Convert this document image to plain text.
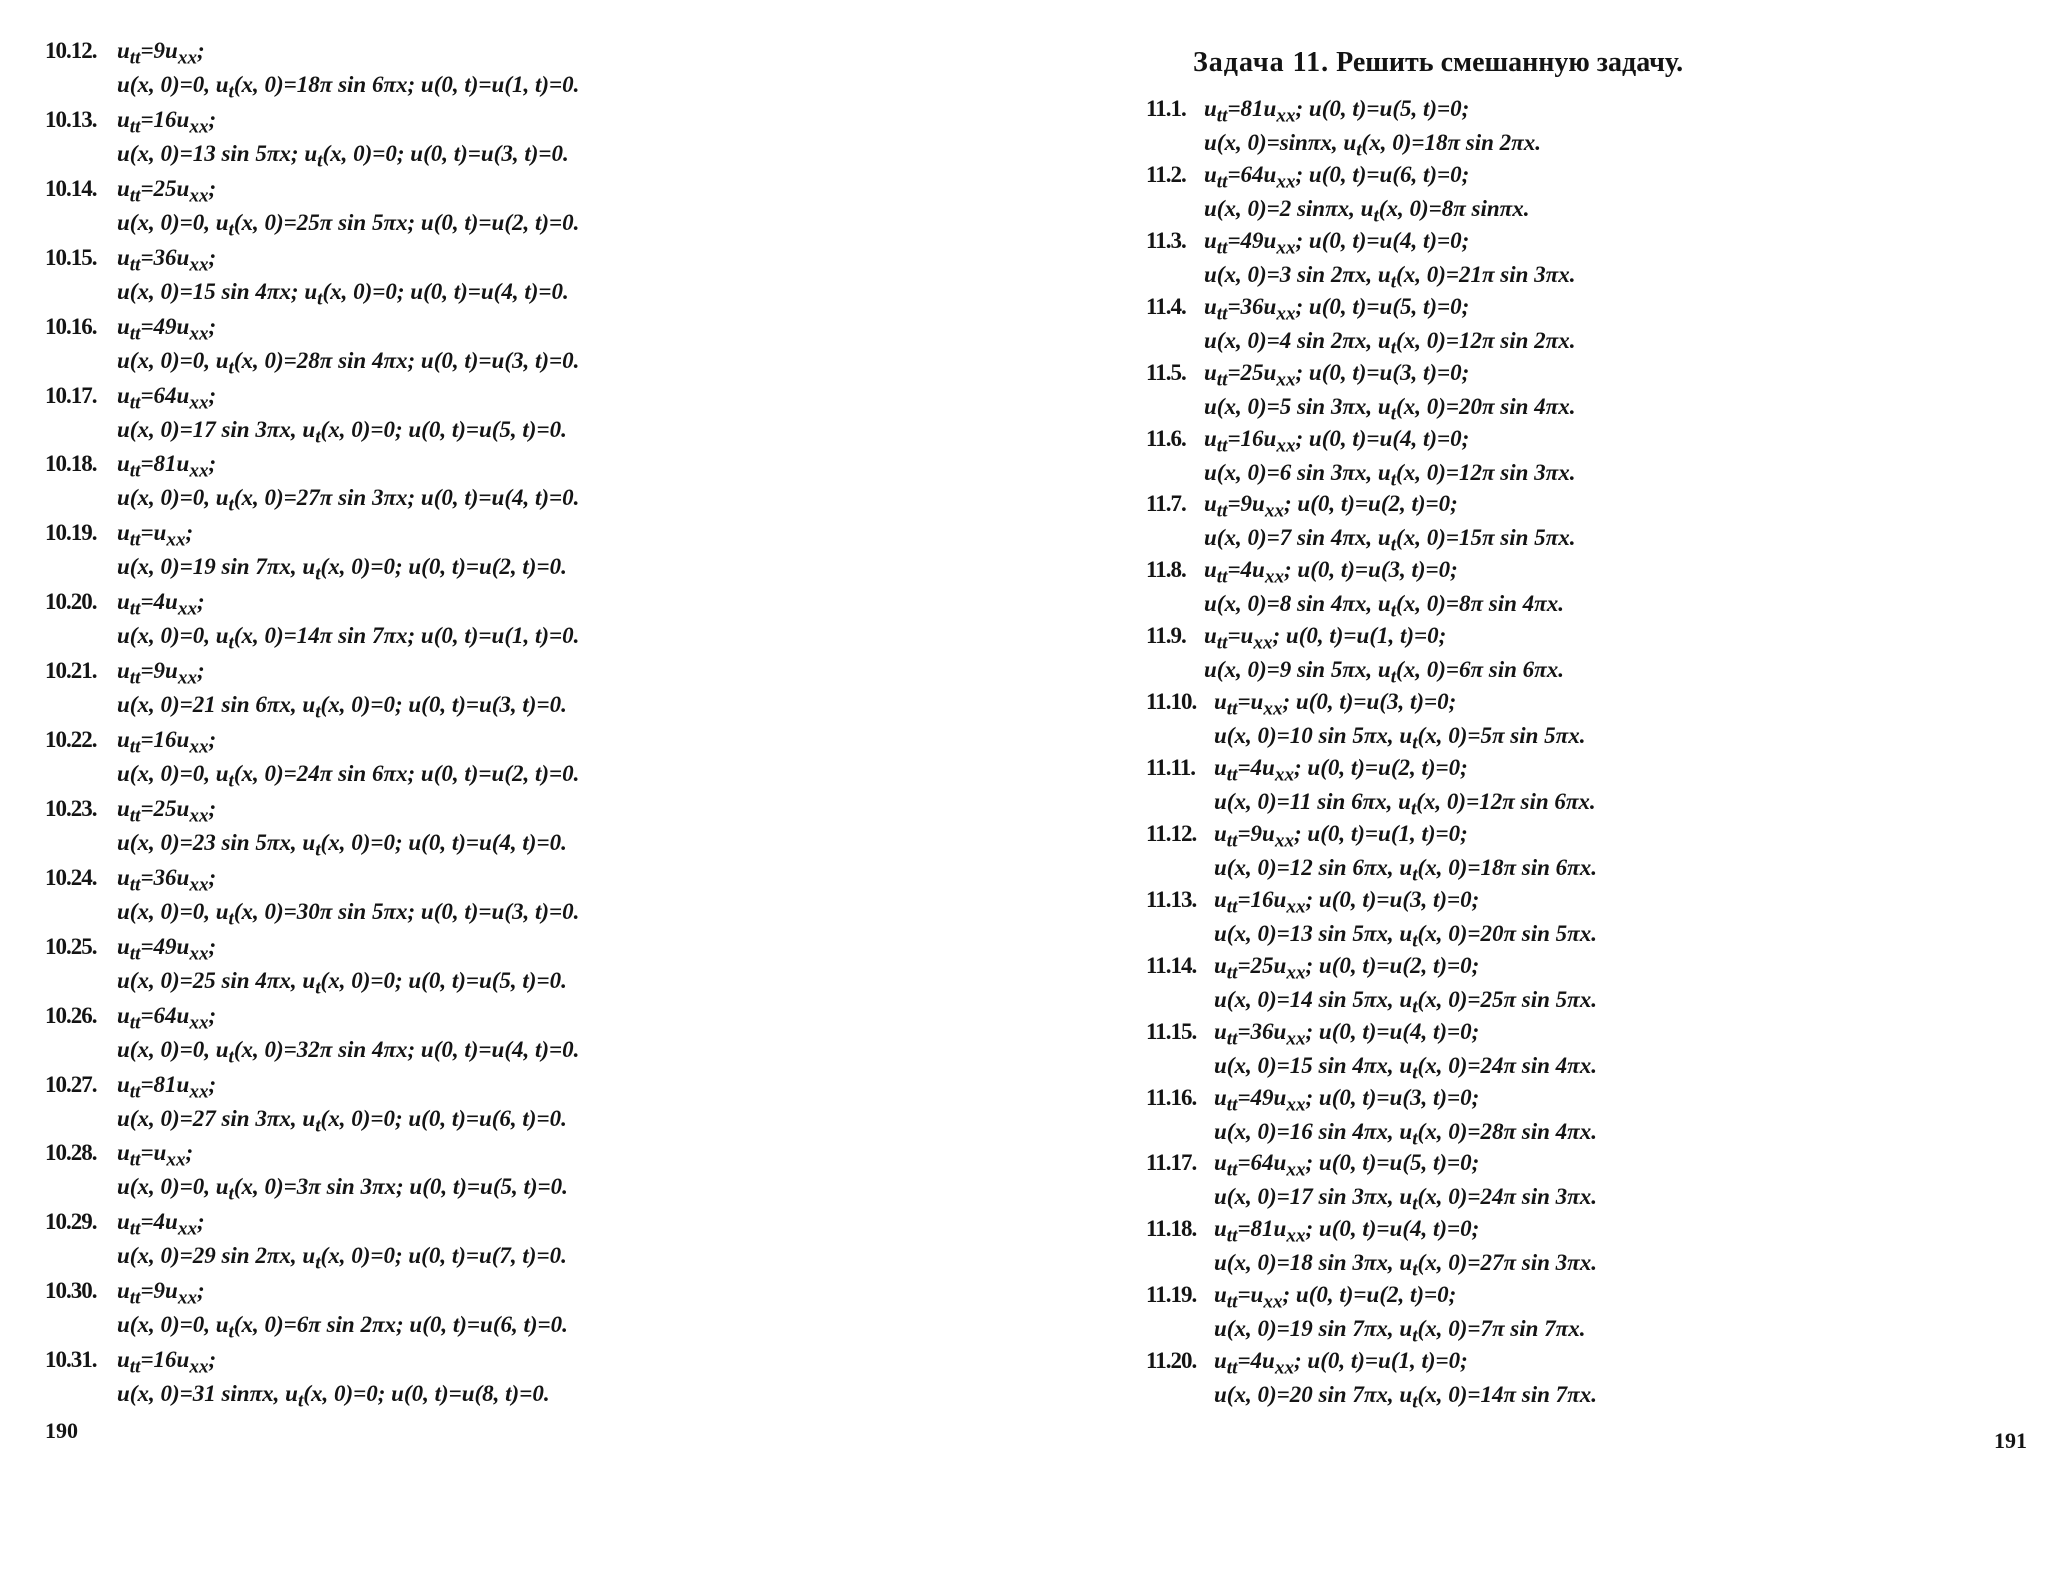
10.12. $u_{tt}=9u_{xx}$;
u(x, 0)=0, $u_t(x$, 0)=18π sin 6πx; u(0, t)=u(1, t)=0.
10.13. $u_{tt}=16u_{xx}$;
u(x, 0)=13 sin 5πx; $u_t(x$, 0)=0; u(0, t)=u(3, t)=0.
10.14. $u_{tt}=25u_{xx}$;
u(x, 0)=0, $u_t(x$, 0)=25π sin 5πx; u(0, t)=u(2, t)=0.
10.15. $u_{tt}=36u_{xx}$;
u(x, 0)=15 sin 4πx; $u_t(x$, 0)=0; u(0, t)=u(4, t)=0.
10.16. $u_{tt}=49u_{xx}$;
u(x, 0)=0, $u_t(x$, 0)=28π sin 4πx; u(0, t)=u(3, t)=0.
10.17. $u_{tt}=64u_{xx}$;
u(x, 0)=17 sin 3πx, $u_t(x$, 0)=0; u(0, t)=u(5, t)=0.
10.18. $u_{tt}=81u_{xx}$;
u(x, 0)=0, $u_t(x$, 0)=27π sin 3πx; u(0, t)=u(4, t)=0.
10.19. $u_{tt}=u_{xx}$;
u(x, 0)=19 sin 7πx, $u_t(x$, 0)=0; u(0, t)=u(2, t)=0.
10.20. $u_{tt}=4u_{xx}$;
u(x, 0)=0, $u_t(x$, 0)=14π sin 7πx; u(0, t)=u(1, t)=0.
10.21. $u_{tt}=9u_{xx}$;
u(x, 0)=21 sin 6πx, $u_t(x$, 0)=0; u(0, t)=u(3, t)=0.
10.22. $u_{tt}=16u_{xx}$;
u(x, 0)=0, $u_t(x$, 0)=24π sin 6πx; u(0, t)=u(2, t)=0.
10.23. $u_{tt}=25u_{xx}$;
u(x, 0)=23 sin 5πx, $u_t(x$, 0)=0; u(0, t)=u(4, t)=0.
10.24. $u_{tt}=36u_{xx}$;
u(x, 0)=0, $u_t(x$, 0)=30π sin 5πx; u(0, t)=u(3, t)=0.
10.25. $u_{tt}=49u_{xx}$;
u(x, 0)=25 sin 4πx, $u_t(x$, 0)=0; u(0, t)=u(5, t)=0.
10.26. $u_{tt}=64u_{xx}$;
u(x, 0)=0, $u_t(x$, 0)=32π sin 4πx; u(0, t)=u(4, t)=0.
10.27. $u_{tt}=81u_{xx}$;
u(x, 0)=27 sin 3πx, $u_t(x$, 0)=0; u(0, t)=u(6, t)=0.
10.28. $u_{tt}=u_{xx}$;
u(x, 0)=0, $u_t(x$, 0)=3π sin 3πx; u(0, t)=u(5, t)=0.
10.29. $u_{tt}=4u_{xx}$;
u(x, 0)=29 sin 2πx, $u_t(x$, 0)=0; u(0, t)=u(7, t)=0.
10.30. $u_{tt}=9u_{xx}$;
u(x, 0)=0, $u_t(x$, 0)=6π sin 2πx; u(0, t)=u(6, t)=0.
10.31. $u_{tt}=16u_{xx}$;
u(x, 0)=31 sinπx, $u_t(x$, 0)=0; u(0, t)=u(8, t)=0.
190
Задача 11. Решить смешанную задачу.
11.1. $u_{tt}=81u_{xx}$; u(0, t)=u(5, t)=0;
u(x, 0)=sinπx, $u_t(x$, 0)=18π sin 2πx.
11.2. $u_{tt}=64u_{xx}$; u(0, t)=u(6, t)=0;
u(x, 0)=2 sinπx, $u_t(x$, 0)=8π sinπx.
11.3. $u_{tt}=49u_{xx}$; u(0, t)=u(4, t)=0;
u(x, 0)=3 sin 2πx, $u_t(x$, 0)=21π sin 3πx.
11.4. $u_{tt}=36u_{xx}$; u(0, t)=u(5, t)=0;
u(x, 0)=4 sin 2πx, $u_t(x$, 0)=12π sin 2πx.
11.5. $u_{tt}=25u_{xx}$; u(0, t)=u(3, t)=0;
u(x, 0)=5 sin 3πx, $u_t(x$, 0)=20π sin 4πx.
11.6. $u_{tt}=16u_{xx}$; u(0, t)=u(4, t)=0;
u(x, 0)=6 sin 3πx, $u_t(x$, 0)=12π sin 3πx.
11.7. $u_{tt}=9u_{xx}$; u(0, t)=u(2, t)=0;
u(x, 0)=7 sin 4πx, $u_t(x$, 0)=15π sin 5πx.
11.8. $u_{tt}=4u_{xx}$; u(0, t)=u(3, t)=0;
u(x, 0)=8 sin 4πx, $u_t(x$, 0)=8π sin 4πx.
11.9. $u_{tt}=u_{xx}$; u(0, t)=u(1, t)=0;
u(x, 0)=9 sin 5πx, $u_t(x$, 0)=6π sin 6πx.
11.10. $u_{tt}=u_{xx}$; u(0, t)=u(3, t)=0;
u(x, 0)=10 sin 5πx, $u_t(x$, 0)=5π sin 5πx.
11.11. $u_{tt}=4u_{xx}$; u(0, t)=u(2, t)=0;
u(x, 0)=11 sin 6πx, $u_t(x$, 0)=12π sin 6πx.
11.12. $u_{tt}=9u_{xx}$; u(0, t)=u(1, t)=0;
u(x, 0)=12 sin 6πx, $u_t(x$, 0)=18π sin 6πx.
11.13. $u_{tt}=16u_{xx}$; u(0, t)=u(3, t)=0;
u(x, 0)=13 sin 5πx, $u_t(x$, 0)=20π sin 5πx.
11.14. $u_{tt}=25u_{xx}$; u(0, t)=u(2, t)=0;
u(x, 0)=14 sin 5πx, $u_t(x$, 0)=25π sin 5πx.
11.15. $u_{tt}=36u_{xx}$; u(0, t)=u(4, t)=0;
u(x, 0)=15 sin 4πx, $u_t(x$, 0)=24π sin 4πx.
11.16. $u_{tt}=49u_{xx}$; u(0, t)=u(3, t)=0;
u(x, 0)=16 sin 4πx, $u_t(x$, 0)=28π sin 4πx.
11.17. $u_{tt}=64u_{xx}$; u(0, t)=u(5, t)=0;
u(x, 0)=17 sin 3πx, $u_t(x$, 0)=24π sin 3πx.
11.18. $u_{tt}=81u_{xx}$; u(0, t)=u(4, t)=0;
u(x, 0)=18 sin 3πx, $u_t(x$, 0)=27π sin 3πx.
11.19. $u_{tt}=u_{xx}$; u(0, t)=u(2, t)=0;
u(x, 0)=19 sin 7πx, $u_t(x$, 0)=7π sin 7πx.
11.20. $u_{tt}=4u_{xx}$; u(0, t)=u(1, t)=0;
u(x, 0)=20 sin 7πx, $u_t(x$, 0)=14π sin 7πx.
191
